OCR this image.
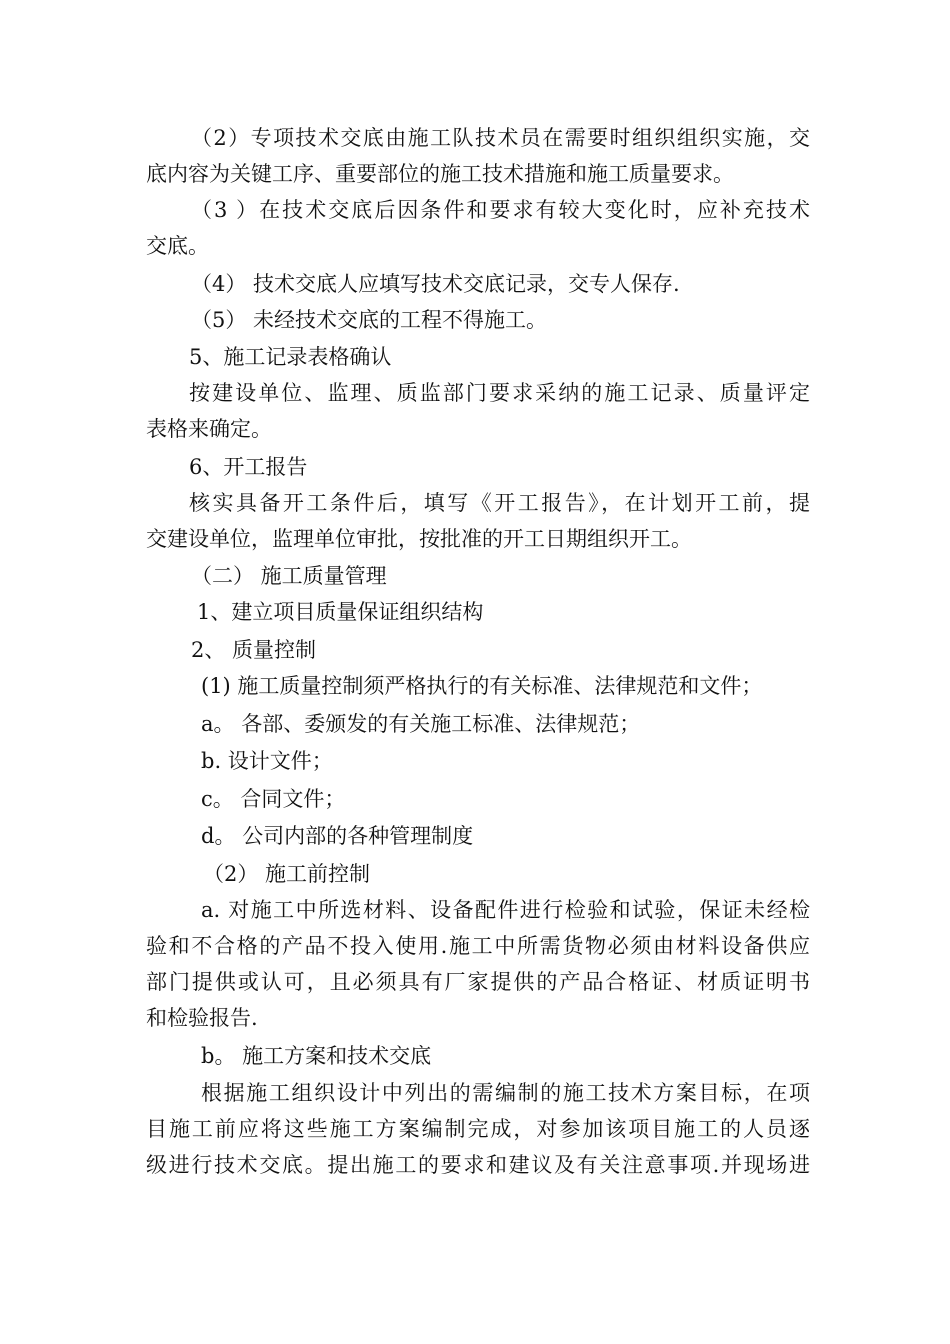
（2）专项技术交底由施工队技术员在需要时组织组织实施，交
底内容为关键工序、重要部位的施工技术措施和施工质量要求。
（3 ）在技术交底后因条件和要求有较大变化时，应补充技术
交底。
（4） 技术交底人应填写技术交底记录，交专人保存.
（5） 未经技术交底的工程不得施工。
5、施工记录表格确认
按建设单位、监理、质监部门要求采纳的施工记录、质量评定
表格来确定。
6、开工报告
核实具备开工条件后，填写《开工报告》，在计划开工前，提
交建设单位，监理单位审批，按批准的开工日期组织开工。
（二） 施工质量管理
1、建立项目质量保证组织结构
2、 质量控制
(1) 施工质量控制须严格执行的有关标准、法律规范和文件；
a。 各部、委颁发的有关施工标准、法律规范；
b. 设计文件；
c。 合同文件；
d。 公司内部的各种管理制度
（2） 施工前控制
a. 对施工中所选材料、设备配件进行检验和试验，保证未经检
验和不合格的产品不投入使用.施工中所需货物必须由材料设备供应
部门提供或认可，且必须具有厂家提供的产品合格证、材质证明书
和检验报告.
b。 施工方案和技术交底
根据施工组织设计中列出的需编制的施工技术方案目标，在项
目施工前应将这些施工方案编制完成，对参加该项目施工的人员逐
级进行技术交底。提出施工的要求和建议及有关注意事项.并现场进
